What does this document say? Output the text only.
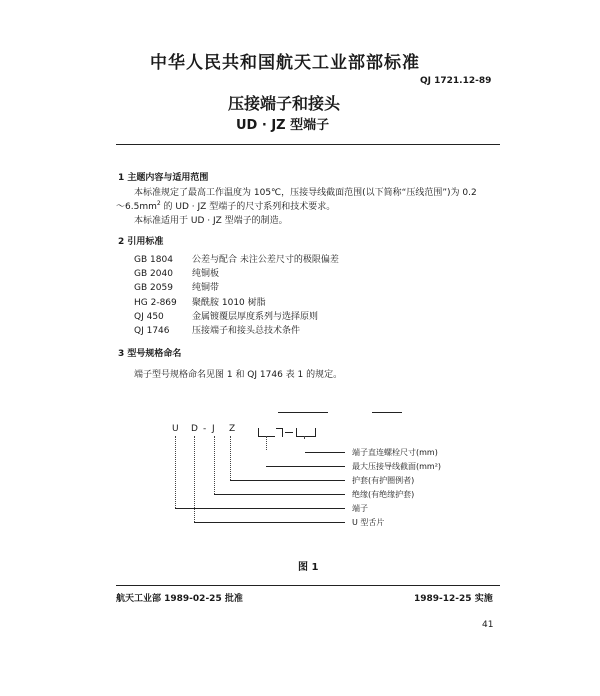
中华人民共和国航天工业部部标准
QJ 1721.12-89
压接端子和接头
UD · JZ 型端子
1 主题内容与适用范围
本标准规定了最高工作温度为 105℃，压接导线截面范围(以下简称“压线范围”)为 0.2
$\sim 6.5mm^2$ 的 UD · JZ 型端子的尺寸系列和技术要求。
本标准适用于 UD · JZ 型端子的制造。
2 引用标准
GB 1804 公差与配合 未注公差尺寸的极限偏差
GB 2040 纯铜板
GB 2059 纯铜带
HG 2-869 聚酰胺 1010 树脂
QJ 450	金属镀覆层厚度系列与选择原则
QJ 1746 压接端子和接头总技术条件
3 型号规格命名
端子型号规格命名见图 1 和 QJ 1746 表 1 的规定。
U D - J Z
端子直连螺栓尺寸(mm)
最大压接导线截面(mm²)
护套(有护圈例者)
绝缘(有绝缘护套)
端子
U 型舌片
图 1
航天工业部 1989-02-25 批准	1989-12-25 实施
41
